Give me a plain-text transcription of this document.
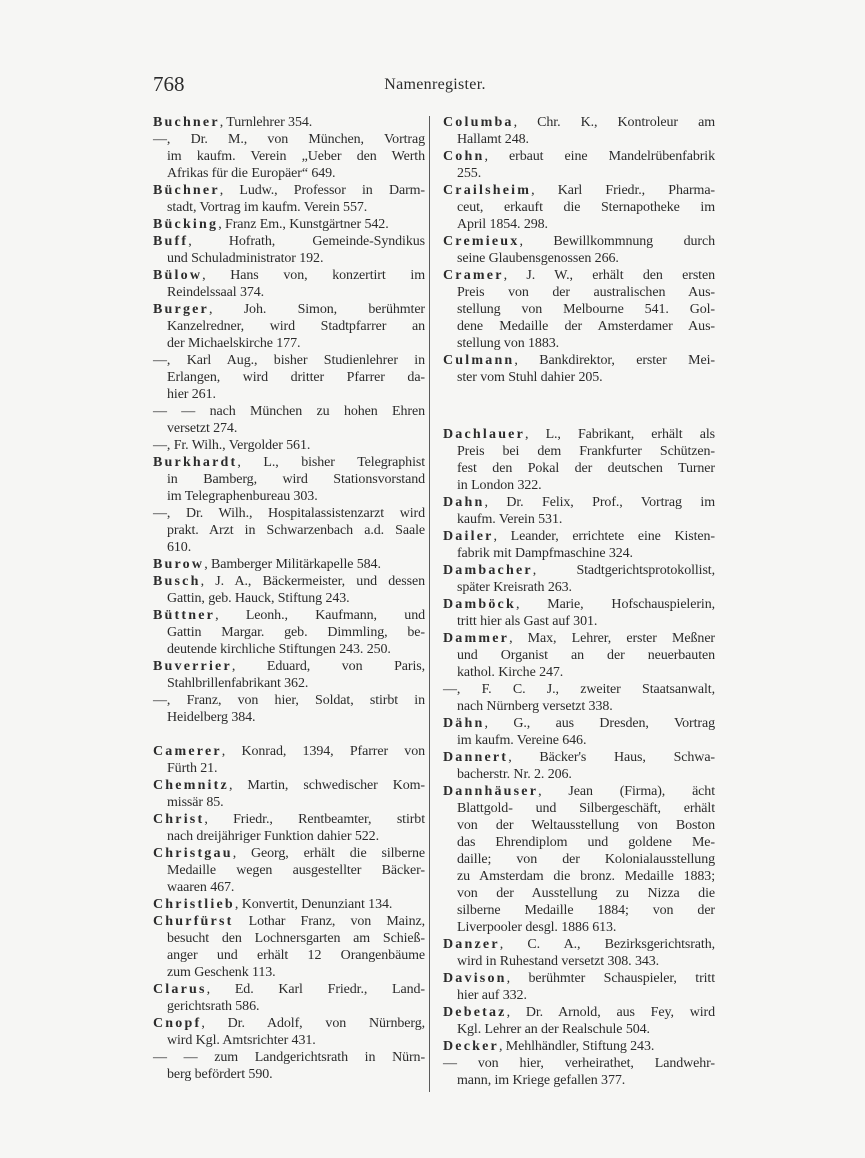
768	Namenregister.
Buchner, Turnlehrer 354.
—, Dr. M., von München, Vortrag
im kaufm. Verein „Ueber den Werth
Afrikas für die Europäer“ 649.
Büchner, Ludw., Professor in Darm-
stadt, Vortrag im kaufm. Verein 557.
Bücking, Franz Em., Kunstgärtner 542.
Buff, Hofrath, Gemeinde-Syndikus
und Schuladministrator 192.
Bülow, Hans von, konzertirt im
Reindelssaal 374.
Burger, Joh. Simon, berühmter
Kanzelredner, wird Stadtpfarrer an
der Michaelskirche 177.
—, Karl Aug., bisher Studienlehrer in
Erlangen, wird dritter Pfarrer da-
hier 261.
— — nach München zu hohen Ehren
versetzt 274.
—, Fr. Wilh., Vergolder 561.
Burkhardt, L., bisher Telegraphist
in Bamberg, wird Stationsvorstand
im Telegraphenbureau 303.
—, Dr. Wilh., Hospitalassistenzarzt wird
prakt. Arzt in Schwarzenbach a.d. Saale
610.
Burow, Bamberger Militärkapelle 584.
Busch, J. A., Bäckermeister, und dessen
Gattin, geb. Hauck, Stiftung 243.
Büttner, Leonh., Kaufmann, und
Gattin Margar. geb. Dimmling, be-
deutende kirchliche Stiftungen 243. 250.
Buverrier, Eduard, von Paris,
Stahlbrillenfabrikant 362.
—, Franz, von hier, Soldat, stirbt in
Heidelberg 384.
Camerer, Konrad, 1394, Pfarrer von
Fürth 21.
Chemnitz, Martin, schwedischer Kom-
missär 85.
Christ, Friedr., Rentbeamter, stirbt
nach dreijähriger Funktion dahier 522.
Christgau, Georg, erhält die silberne
Medaille wegen ausgestellter Bäcker-
waaren 467.
Christlieb, Konvertit, Denunziant 134.
Churfürst Lothar Franz, von Mainz,
besucht den Lochnersgarten am Schieß-
anger und erhält 12 Orangenbäume
zum Geschenk 113.
Clarus, Ed. Karl Friedr., Land-
gerichtsrath 586.
Cnopf, Dr. Adolf, von Nürnberg,
wird Kgl. Amtsrichter 431.
— — zum Landgerichtsrath in Nürn-
berg befördert 590.
Columba, Chr. K., Kontroleur am
Hallamt 248.
Cohn, erbaut eine Mandelrübenfabrik
255.
Crailsheim, Karl Friedr., Pharma-
ceut, erkauft die Sternapotheke im
April 1854. 298.
Cremieux, Bewillkommnung durch
seine Glaubensgenossen 266.
Cramer, J. W., erhält den ersten
Preis von der australischen Aus-
stellung von Melbourne 541. Gol-
dene Medaille der Amsterdamer Aus-
stellung von 1883.
Culmann, Bankdirektor, erster Mei-
ster vom Stuhl dahier 205.
Dachlauer, L., Fabrikant, erhält als
Preis bei dem Frankfurter Schützen-
fest den Pokal der deutschen Turner
in London 322.
Dahn, Dr. Felix, Prof., Vortrag im
kaufm. Verein 531.
Dailer, Leander, errichtete eine Kisten-
fabrik mit Dampfmaschine 324.
Dambacher, Stadtgerichtsprotokollist,
später Kreisrath 263.
Damböck, Marie, Hofschauspielerin,
tritt hier als Gast auf 301.
Dammer, Max, Lehrer, erster Meßner
und Organist an der neuerbauten
kathol. Kirche 247.
—, F. C. J., zweiter Staatsanwalt,
nach Nürnberg versetzt 338.
Dähn, G., aus Dresden, Vortrag
im kaufm. Vereine 646.
Dannert, Bäcker's Haus, Schwa-
bacherstr. Nr. 2. 206.
Dannhäuser, Jean (Firma), ächt
Blattgold- und Silbergeschäft, erhält
von der Weltausstellung von Boston
das Ehrendiplom und goldene Me-
daille; von der Kolonialausstellung
zu Amsterdam die bronz. Medaille 1883;
von der Ausstellung zu Nizza die
silberne Medaille 1884; von der
Liverpooler desgl. 1886 613.
Danzer, C. A., Bezirksgerichtsrath,
wird in Ruhestand versetzt 308. 343.
Davison, berühmter Schauspieler, tritt
hier auf 332.
Debetaz, Dr. Arnold, aus Fey, wird
Kgl. Lehrer an der Realschule 504.
Decker, Mehlhändler, Stiftung 243.
— von hier, verheirathet, Landwehr-
mann, im Kriege gefallen 377.
